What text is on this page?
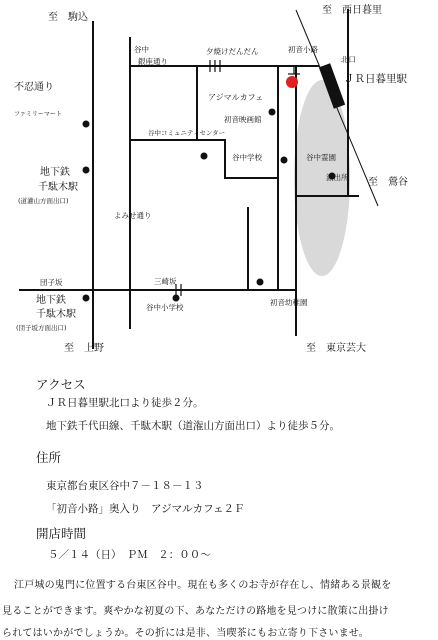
至　駒込
至　西日暮里
不忍通り
ファミリーマート
谷中
銀座通り
夕焼けだんだん	初音小路
北口
ＪＲ日暮里駅
アジマルカフェ
初音映画館
谷中コミュニティセンター
谷中学校	谷中霊園
派出所 至　鶯谷
地下鉄
千駄木駅
(道灌山方面出口)
よみせ通り
団子坂	三崎坂
地下鉄
千駄木駅
(団子坂方面出口)
谷中小学校
初音幼稚園
至　上野	至　東京芸大
アクセス
ＪＲ日暮里駅北口より徒歩２分。
地下鉄千代田線、千駄木駅（道潅山方面出口）より徒歩５分。
住所
東京都台東区谷中７－１８－１３
「初音小路」奥入り　アジマルカフェ２Ｆ
開店時間
５／１４（日）　ＰＭ　２：００～
江戸城の鬼門に位置する台東区谷中。現在も多くのお寺が存在し、情緒ある景観を
見ることができます。爽やかな初夏の下、あなただけの路地を見つけに散策に出掛け
られてはいかがでしょうか。その折には是非、当喫茶にもお立寄り下さいませ。
